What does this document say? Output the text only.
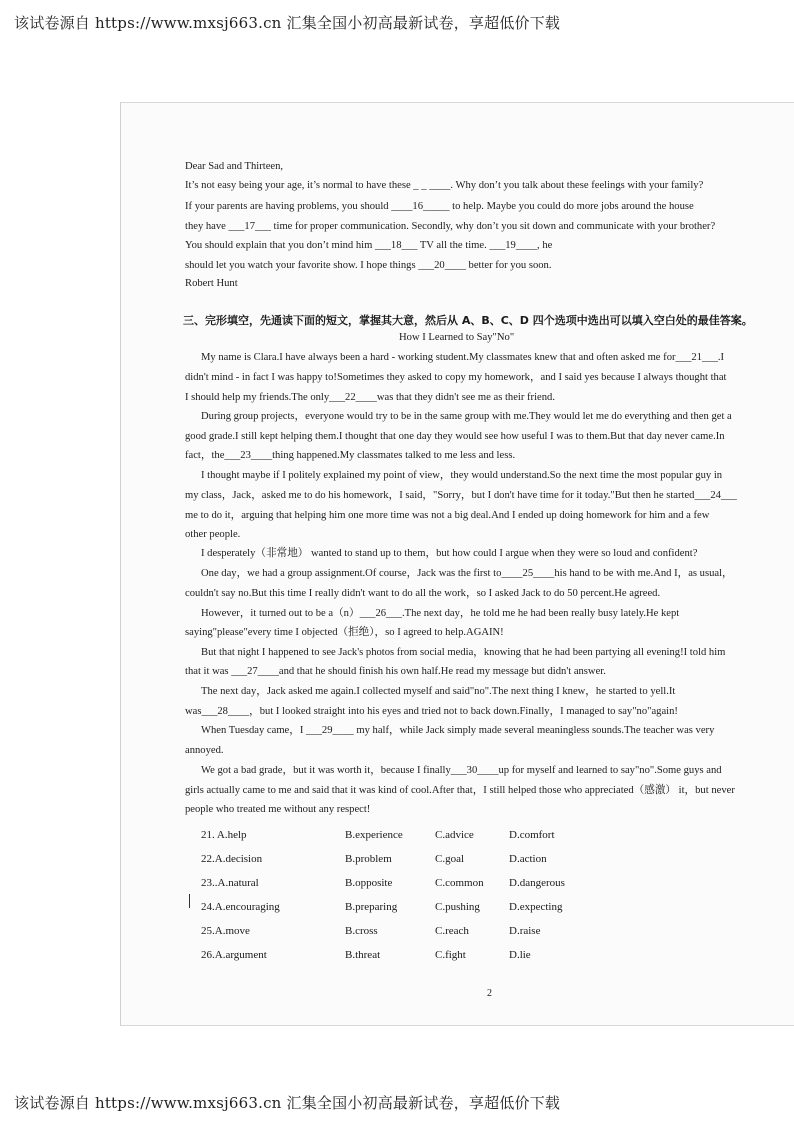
该试卷源自 https://www.mxsj663.cn 汇集全国小初高最新试卷，享超低价下载
Dear Sad and Thirteen,
It’s not easy being your age, it’s normal to have these _ _ ____. Why don’t you talk about these feelings with your family?
If your parents are having problems, you should ____16_____ to help. Maybe you could do more jobs around the house
they have ___17___ time for proper communication. Secondly, why don’t you sit down and communicate with your brother?
You should explain that you don’t mind him ___18___ TV all the time. ___19____, he
should let you watch your favorite show. I hope things ___20____ better for you soon.
Robert Hunt
三、完形填空，先通读下面的短文，掌握其大意，然后从 A、B、C、D 四个选项中选出可以填入空白处的最佳答案。
How I Learned to Say"No"
My name is Clara.I have always been a hard - working student.My classmates knew that and often asked me for___21___.I
didn't mind - in fact I was happy to!Sometimes they asked to copy my homework，and I said yes because I always thought that
I should help my friends.The only___22____was that they didn't see me as their friend.
During group projects，everyone would try to be in the same group with me.They would let me do everything and then get a
good grade.I still kept helping them.I thought that one day they would see how useful I was to them.But that day never came.In
fact，the___23____thing happened.My classmates talked to me less and less.
I thought maybe if I politely explained my point of view，they would understand.So the next time the most popular guy in
my class，Jack，asked me to do his homework，I said，"Sorry，but I don't have time for it today."But then he started___24___
me to do it，arguing that helping him one more time was not a big deal.And I ended up doing homework for him and a few
other people.
I desperately（非常地） wanted to stand up to them，but how could I argue when they were so loud and confident?
One day，we had a group assignment.Of course，Jack was the first to____25____his hand to be with me.And I，as usual，
couldn't say no.But this time I really didn't want to do all the work，so I asked Jack to do 50 percent.He agreed.
However，it turned out to be a（n）___26___.The next day，he told me he had been really busy lately.He kept
saying"please"every time I objected（拒绝），so I agreed to help.AGAIN!
But that night I happened to see Jack's photos from social media，knowing that he had been partying all evening!I told him
that it was ___27____and that he should finish his own half.He read my message but didn't answer.
The next day，Jack asked me again.I collected myself and said"no".The next thing I knew，he started to yell.It
was___28____，but I looked straight into his eyes and tried not to back down.Finally，I managed to say"no"again!
When Tuesday came，I ___29____ my half，while Jack simply made several meaningless sounds.The teacher was very
annoyed.
We got a bad grade，but it was worth it，because I finally___30____up for myself and learned to say"no".Some guys and
girls actually came to me and said that it was kind of cool.After that，I still helped those who appreciated（感激） it，but never
people who treated me without any respect!
21. A.help	B.experience	C.advice	D.comfort
22.A.decision	B.problem	C.goal	D.action
23..A.natural	B.opposite	C.common D.dangerous
24.A.encouraging	B.preparing	C.pushing	D.expecting
25.A.move	B.cross	C.reach	D.raise
26.A.argument	B.threat	C.fight	D.lie
2
该试卷源自 https://www.mxsj663.cn 汇集全国小初高最新试卷，享超低价下载
